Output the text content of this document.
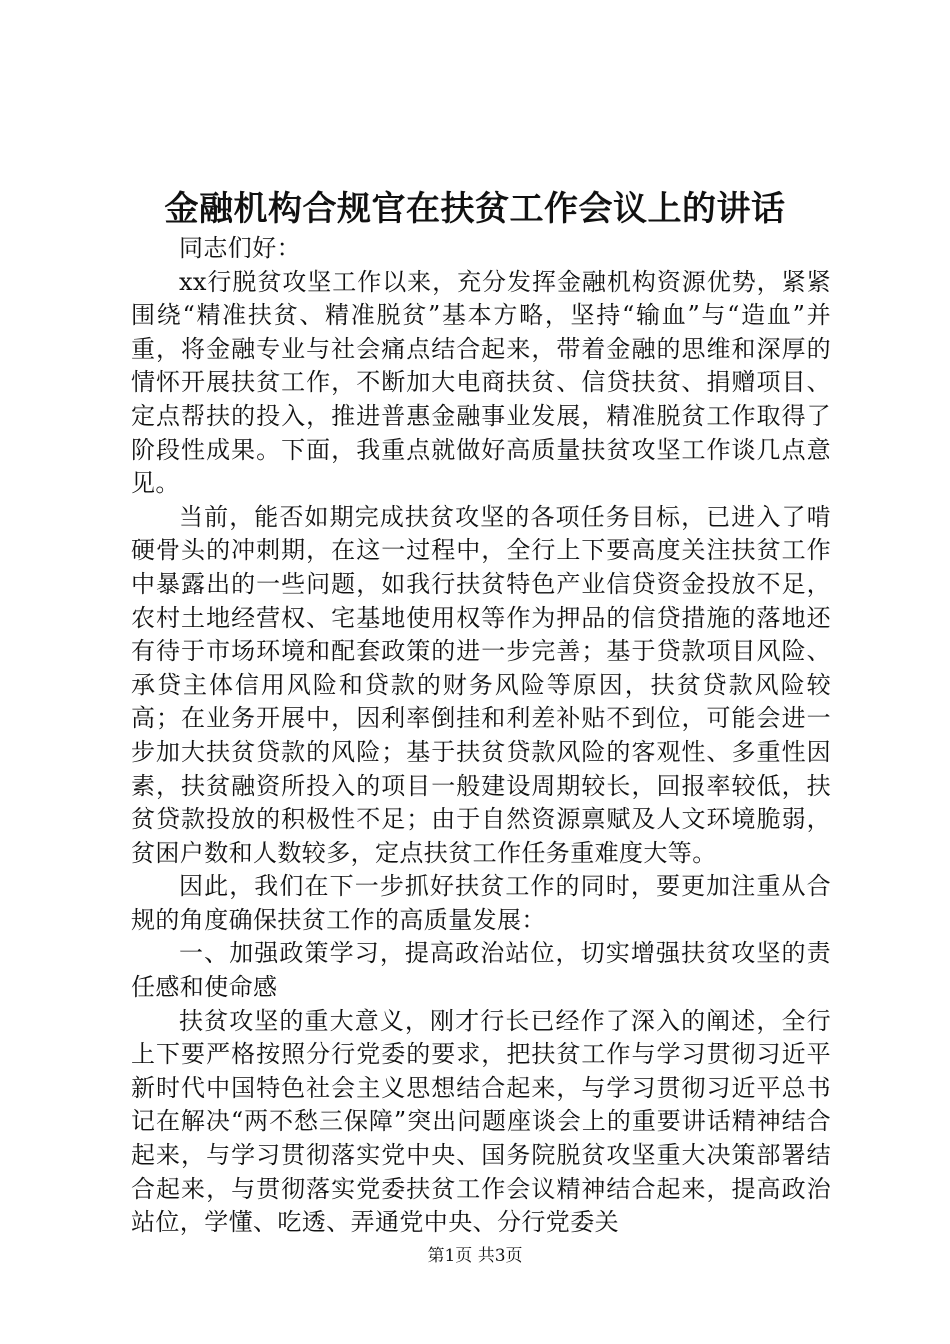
金融机构合规官在扶贫工作会议上的讲话

同志们好：

xx行脱贫攻坚工作以来，充分发挥金融机构资源优势，紧紧围绕“精准扶贫、精准脱贫”基本方略，坚持“输血”与“造血”并重，将金融专业与社会痛点结合起来，带着金融的思维和深厚的情怀开展扶贫工作，不断加大电商扶贫、信贷扶贫、捐赠项目、定点帮扶的投入，推进普惠金融事业发展，精准脱贫工作取得了阶段性成果。下面，我重点就做好高质量扶贫攻坚工作谈几点意见。

当前，能否如期完成扶贫攻坚的各项任务目标，已进入了啃硬骨头的冲刺期，在这一过程中，全行上下要高度关注扶贫工作中暴露出的一些问题，如我行扶贫特色产业信贷资金投放不足，农村土地经营权、宅基地使用权等作为押品的信贷措施的落地还有待于市场环境和配套政策的进一步完善；基于贷款项目风险、承贷主体信用风险和贷款的财务风险等原因，扶贫贷款风险较高；在业务开展中，因利率倒挂和利差补贴不到位，可能会进一步加大扶贫贷款的风险；基于扶贫贷款风险的客观性、多重性因素，扶贫融资所投入的项目一般建设周期较长，回报率较低，扶贫贷款投放的积极性不足；由于自然资源禀赋及人文环境脆弱，贫困户数和人数较多，定点扶贫工作任务重难度大等。

因此，我们在下一步抓好扶贫工作的同时，要更加注重从合规的角度确保扶贫工作的高质量发展：

一、加强政策学习，提高政治站位，切实增强扶贫攻坚的责任感和使命感

扶贫攻坚的重大意义，刚才行长已经作了深入的阐述，全行上下要严格按照分行党委的要求，把扶贫工作与学习贯彻习近平新时代中国特色社会主义思想结合起来，与学习贯彻习近平总书记在解决“两不愁三保障”突出问题座谈会上的重要讲话精神结合起来，与学习贯彻落实党中央、国务院脱贫攻坚重大决策部署结合起来，与贯彻落实党委扶贫工作会议精神结合起来，提高政治站位，学懂、吃透、弄通党中央、分行党委关

第1页 共3页
